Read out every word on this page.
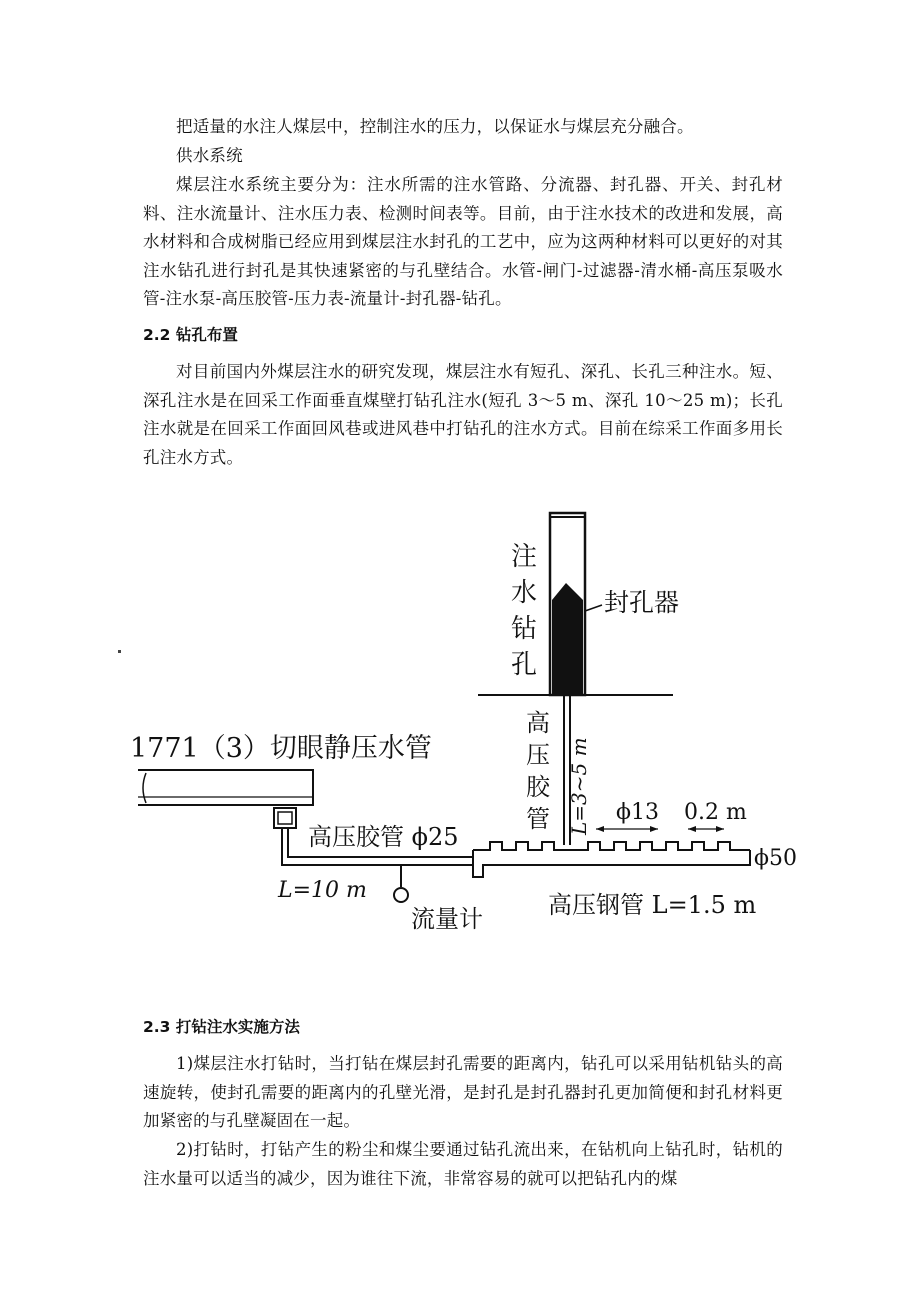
把适量的水注人煤层中，控制注水的压力，以保证水与煤层充分融合。

供水系统

煤层注水系统主要分为：注水所需的注水管路、分流器、封孔器、开关、封孔材料、注水流量计、注水压力表、检测时间表等。目前，由于注水技术的改进和发展，高水材料和合成树脂已经应用到煤层注水封孔的工艺中，应为这两种材料可以更好的对其注水钻孔进行封孔是其快速紧密的与孔壁结合。水管-闸门-过滤器-清水桶-高压泵吸水管-注水泵-高压胶管-压力表-流量计-封孔器-钻孔。

2.2 钻孔布置

对目前国内外煤层注水的研究发现，煤层注水有短孔、深孔、长孔三种注水。短、深孔注水是在回采工作面垂直煤壁打钻孔注水(短孔 3～5 m、深孔 10～25 m)；长孔注水就是在回采工作面回风巷或进风巷中打钻孔的注水方式。目前在综采工作面多用长孔注水方式。

注
水
钻
孔
封孔器
高
压
胶
管 L=3~5 m
1771（3）切眼静压水管
高压胶管 ϕ25
ϕ13 0.2 m
ϕ50
L=10 m
流量计	高压钢管 L=1.5 m

2.3 打钻注水实施方法

1)煤层注水打钻时，当打钻在煤层封孔需要的距离内，钻孔可以采用钻机钻头的高速旋转，使封孔需要的距离内的孔壁光滑，是封孔是封孔器封孔更加简便和封孔材料更加紧密的与孔壁凝固在一起。

2)打钻时，打钻产生的粉尘和煤尘要通过钻孔流出来，在钻机向上钻孔时，钻机的注水量可以适当的减少，因为谁往下流，非常容易的就可以把钻孔内的煤
